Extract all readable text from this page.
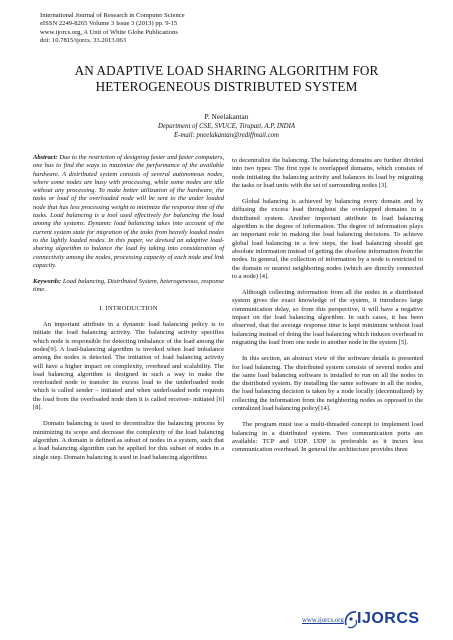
International Journal of Research in Computer Science
eISSN 2249-8265 Volume 3 Issue 3 (2013) pp. 9-15
www.ijorcs.org, A Unit of White Globe Publications
doi: 10.7815/ijorcs. 33.2013.063
AN ADAPTIVE LOAD SHARING ALGORITHM FOR
HETEROGENEOUS DISTRIBUTED SYSTEM
P. Neelakantan
Department of CSE, SVUCE, Tirupati, A.P, INDIA
E-mail: pneelakantan@rediffmail.com

Abstract: Due to the restriction of designing faster and faster computers, one has to find the ways to maximize the performance of the available hardware. A distributed system consists of several autonomous nodes, where some nodes are busy with processing, while some nodes are idle without any processing. To make better utilization of the hardware, the tasks or load of the overloaded node will be sent to the under loaded node that has less processing weight to minimize the response time of the tasks. Load balancing is a tool used effectively for balancing the load among the systems. Dynamic load balancing takes into account of the current system state for migration of the tasks from heavily loaded nodes to the lightly loaded nodes. In this paper, we devised an adaptive load-sharing algorithm to balance the load by taking into consideration of connectivity among the nodes, processing capacity of each node and link capacity.

Keywords: Load balancing, Distributed System, heterogeneous, response time.

I. INTRODUCTION

An important attribute in a dynamic load balancing policy is to initiate the load balancing activity. The balancing activity specifies which node is responsible for detecting imbalance of the load among the nodes[9]. A load-balancing algorithm is invoked when load imbalance among the nodes is detected. The initiation of load balancing activity will have a higher impact on complexity, overhead and scalability. The load balancing algorithm is designed in such a way to make the overloaded node to transfer its excess load to the underloaded node which is called sender – initiated and when underloaded node requests the load from the overloaded node then it is called receiver- initiated [6] [8].

Domain balancing is used to decentralize the balancing process by minimizing its scope and decrease the complexity of the load balancing algorithm. A domain is defined as subset of nodes in a system, such that a load balancing algorithm can be applied for this subset of nodes in a single step. Domain balancing is used in load balancing algorithms

to decentralize the balancing. The balancing domains are further divided into two types: The first type is overlapped domains, which consists of node initiating the balancing activity and balances its load by migrating the tasks or load units with the set of surrounding nodes [3].

Global balancing is achieved by balancing every domain and by diffusing the excess load throughout the overlapped domains in a distributed system. Another important attribute in load balancing algorithm is the degree of information. The degree of information plays an important role in making the load balancing decisions. To achieve global load balancing in a few steps, the load balancing should get absolute information instead of getting the obsolete information from the nodes. In general, the collection of information by a node is restricted to the domain or nearest neighboring nodes (which are directly connected to a node) [4].

Although collecting information from all the nodes in a distributed system gives the exact knowledge of the system, it introduces large communication delay, so from this perspective, it will have a negative impact on the load balancing algorithm. In such cases, it has been observed, that the average response time is kept minimum without load balancing instead of doing the load balancing which induces overhead in migrating the load from one node to another node in the system [5].

In this section, an abstract view of the software details is presented for load balancing. The distributed system consists of several nodes and the same load balancing software is installed to run on all the nodes in the distributed system. By installing the same software in all the nodes, the load balancing decision is taken by a node locally (decentralized) by collecting the information from the neighboring nodes as opposed to the centralized load balancing policy[14].

The program must use a multi-threaded concept to implement load balancing in a distributed system. Two communication ports are available: TCP and UDP. UDP is preferable as it incurs less communication overhead. In general the architecture provides three

www.ijorcs.org IJORCS
